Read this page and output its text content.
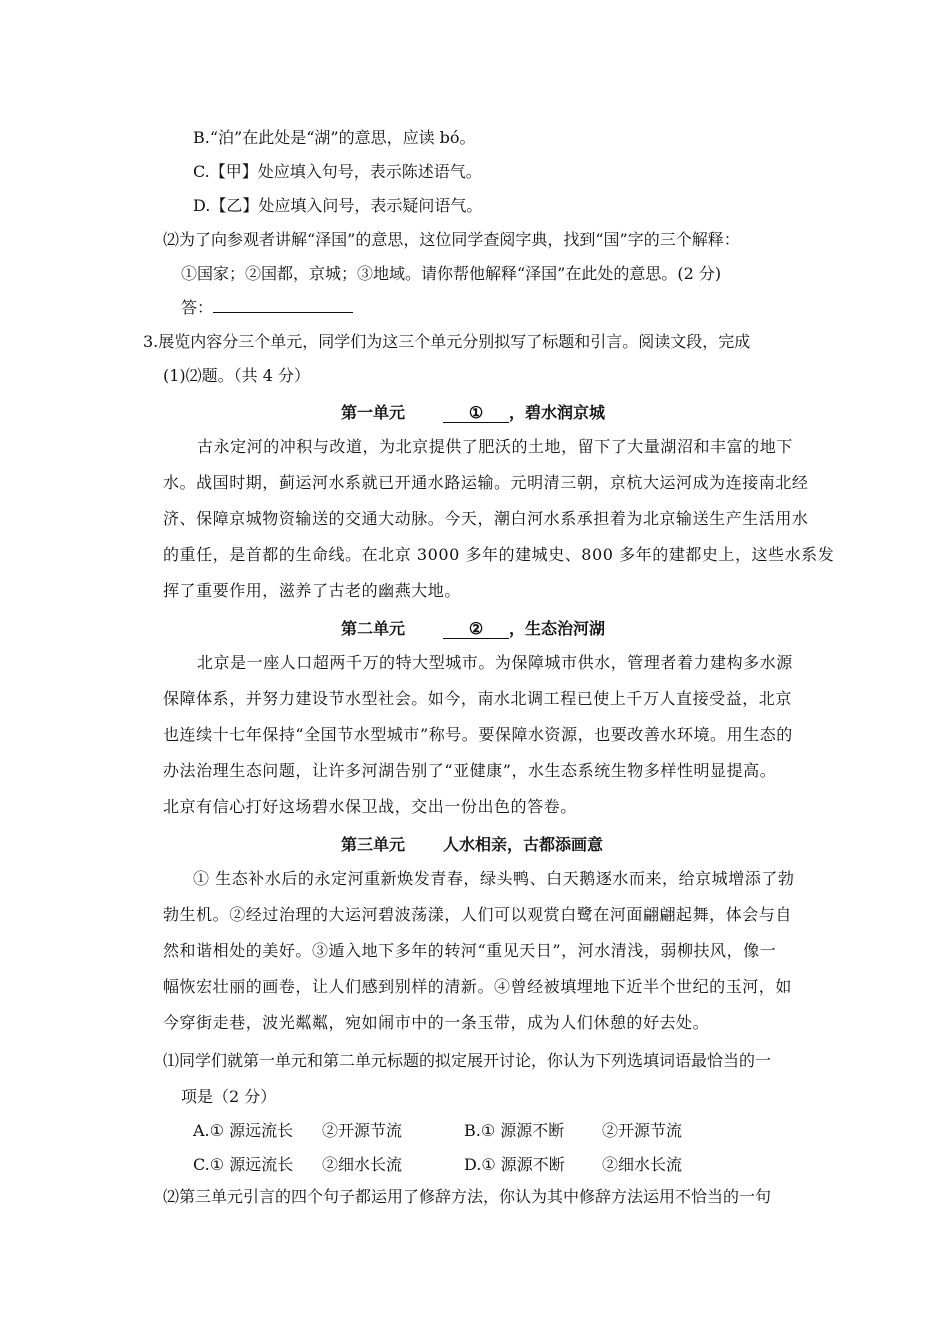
B.“泊”在此处是“湖”的意思，应读 bó。
C.【甲】处应填入句号，表示陈述语气。
D.【乙】处应填入问号，表示疑问语气。
⑵为了向参观者讲解“泽国”的意思，这位同学查阅字典，找到“国”字的三个解释：
①国家；②国都，京城；③地域。请你帮他解释“泽国”在此处的意思。(2 分)
答：
3.展览内容分三个单元，同学们为这三个单元分别拟写了标题和引言。阅读文段，完成
(1)⑵题。（共 4 分）
第一单元	① ，碧水润京城
古永定河的冲积与改道，为北京提供了肥沃的土地，留下了大量湖沼和丰富的地下
水。战国时期，蓟运河水系就已开通水路运输。元明清三朝，京杭大运河成为连接南北经
济、保障京城物资输送的交通大动脉。今天，潮白河水系承担着为北京输送生产生活用水
的重任，是首都的生命线。在北京 3000 多年的建城史、800 多年的建都史上，这些水系发
挥了重要作用，滋养了古老的幽燕大地。
第二单元	② ，生态治河湖
北京是一座人口超两千万的特大型城市。为保障城市供水，管理者着力建构多水源
保障体系，并努力建设节水型社会。如今，南水北调工程已使上千万人直接受益，北京
也连续十七年保持“全国节水型城市”称号。要保障水资源，也要改善水环境。用生态的
办法治理生态问题，让许多河湖告别了“亚健康”，水生态系统生物多样性明显提高。
北京有信心打好这场碧水保卫战，交出一份出色的答卷。
第三单元 人水相亲，古都添画意
① 生态补水后的永定河重新焕发青春，绿头鸭、白天鹅逐水而来，给京城增添了勃
勃生机。②经过治理的大运河碧波荡漾，人们可以观赏白鹭在河面翩翩起舞，体会与自
然和谐相处的美好。③遁入地下多年的转河“重见天日”，河水清浅，弱柳扶风，像一
幅恢宏壮丽的画卷，让人们感到别样的清新。④曾经被填埋地下近半个世纪的玉河，如
今穿街走巷，波光粼粼，宛如闹市中的一条玉带，成为人们休憩的好去处。
⑴同学们就第一单元和第二单元标题的拟定展开讨论，你认为下列选填词语最恰当的一
项是（2 分）
A.① 源远流长 ②开源节流	B.① 源源不断 ②开源节流
C.① 源远流长 ②细水长流	D.① 源源不断 ②细水长流
⑵第三单元引言的四个句子都运用了修辞方法，你认为其中修辞方法运用不恰当的一句
